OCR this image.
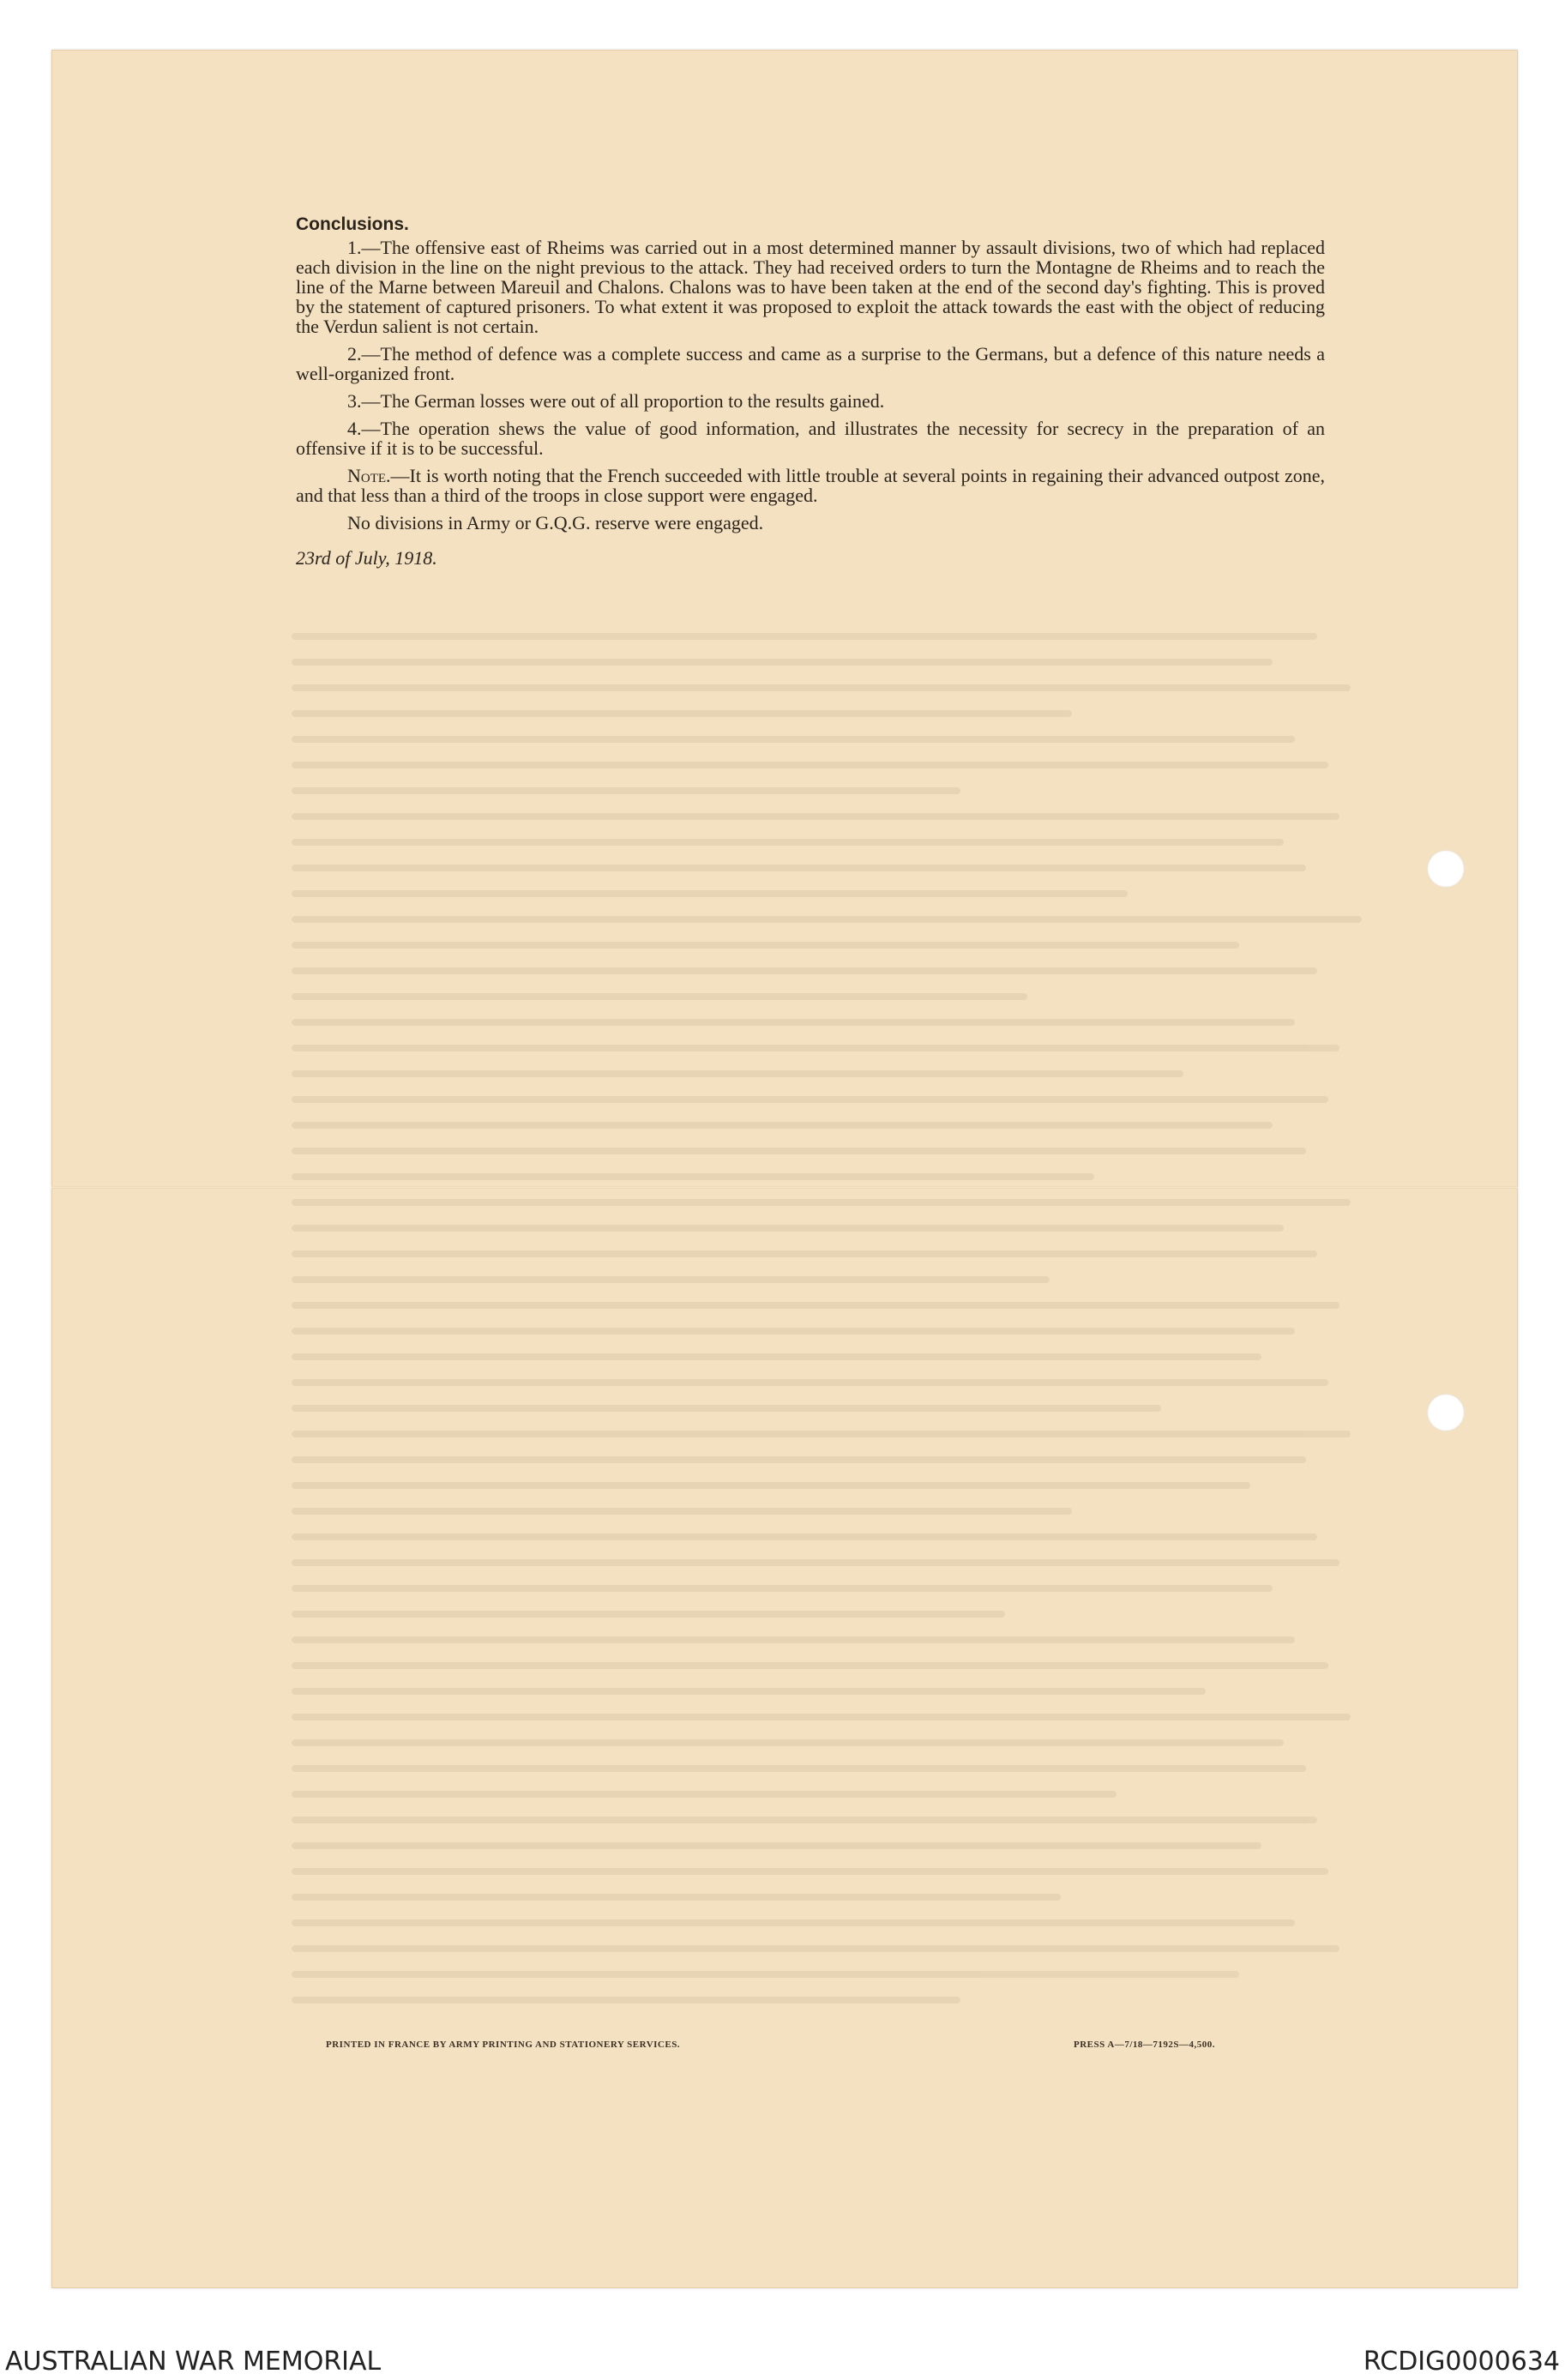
Conclusions.

1.—The offensive east of Rheims was carried out in a most determined manner by assault divisions, two of which had replaced each division in the line on the night previous to the attack. They had received orders to turn the Montagne de Rheims and to reach the line of the Marne between Mareuil and Chalons. Chalons was to have been taken at the end of the second day's fighting. This is proved by the statement of captured prisoners. To what extent it was proposed to exploit the attack towards the east with the object of reducing the Verdun salient is not certain.

2.—The method of defence was a complete success and came as a surprise to the Germans, but a defence of this nature needs a well-organized front.

3.—The German losses were out of all proportion to the results gained.

4.—The operation shews the value of good information, and illustrates the necessity for secrecy in the preparation of an offensive if it is to be successful.

Note.—It is worth noting that the French succeeded with little trouble at several points in regaining their advanced outpost zone, and that less than a third of the troops in close support were engaged.

No divisions in Army or G.Q.G. reserve were engaged.

23rd of July, 1918.
PRINTED IN FRANCE BY ARMY PRINTING AND STATIONERY SERVICES.	PRESS A—7/18—7192S—4,500.
AUSTRALIAN WAR MEMORIAL	RCDIG0000634
